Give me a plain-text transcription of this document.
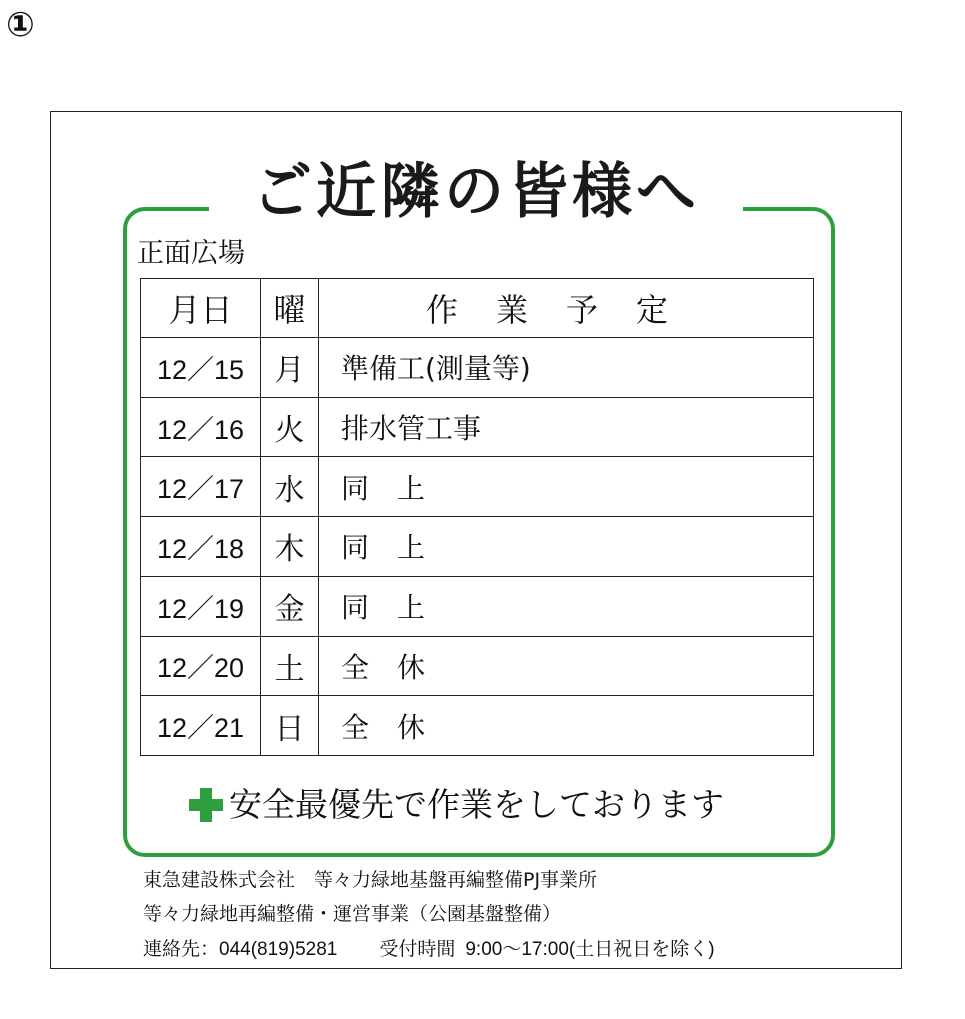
①
ご近隣の皆様へ
正面広場
月日	曜	作業予定
12／15	月	準備工(測量等)
12／16	火	排水管工事
12／17	水	同　上
12／18	木	同　上
12／19	金	同　上
12／20	土	全　休
12／21	日	全　休
安全最優先で作業をしております
東急建設株式会社　等々力緑地基盤再編整備PJ事業所
等々力緑地再編整備・運営事業（公園基盤整備）
連絡先：044(819)5281 受付時間 9:00～17:00(土日祝日を除く)
